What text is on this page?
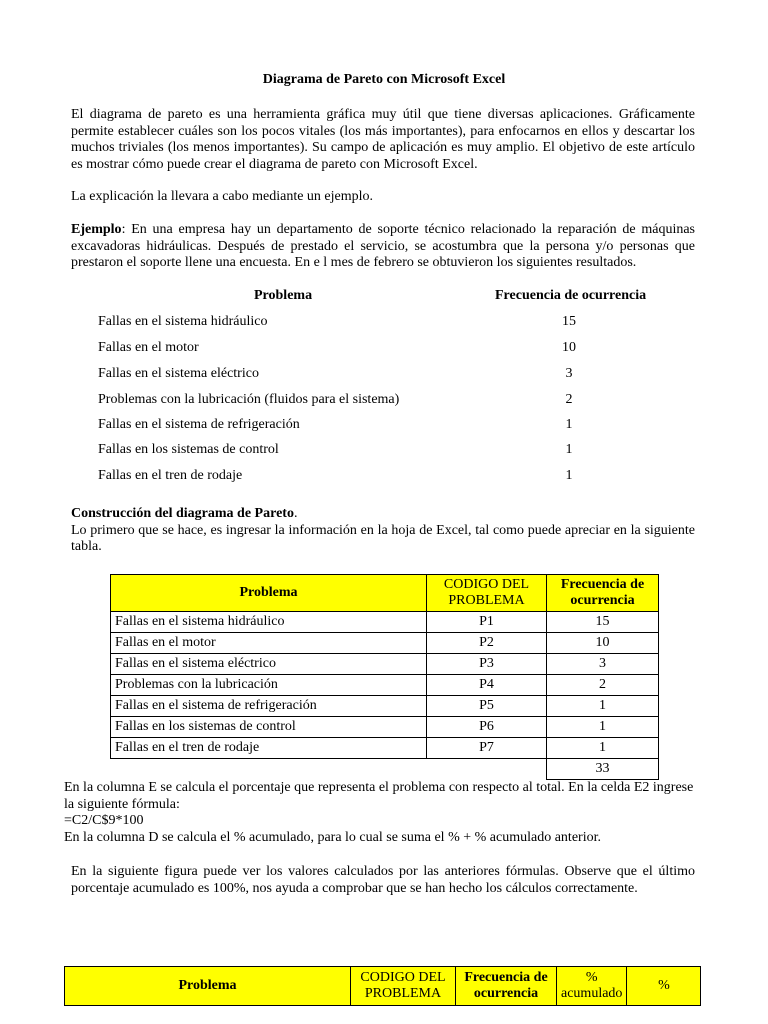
Diagrama de Pareto con Microsoft Excel
El diagrama de pareto es una herramienta gráfica muy útil que tiene diversas aplicaciones. Gráficamente permite establecer cuáles son los pocos vitales (los más importantes), para enfocarnos en ellos y descartar los muchos triviales (los menos importantes). Su campo de aplicación es muy amplio. El objetivo de este artículo es mostrar cómo puede crear el diagrama de pareto con Microsoft Excel.
La explicación la llevara a cabo mediante un ejemplo.
Ejemplo: En una empresa hay un departamento de soporte técnico relacionado la reparación de máquinas excavadoras hidráulicas. Después de prestado el servicio, se acostumbra que la persona y/o personas que prestaron el soporte llene una encuesta. En e l mes de febrero se obtuvieron los siguientes resultados.
Problema	Frecuencia de ocurrencia
Fallas en el sistema hidráulico	15
Fallas en el motor	10
Fallas en el sistema eléctrico	3
Problemas con la lubricación (fluidos para el sistema)	2
Fallas en el sistema de refrigeración	1
Fallas en los sistemas de control	1
Fallas en el tren de rodaje	1
Construcción del diagrama de Pareto.
Lo primero que se hace, es ingresar la información en la hoja de Excel, tal como puede apreciar en la siguiente tabla.
Problema	CODIGO DEL PROBLEMA	Frecuencia de ocurrencia
Fallas en el sistema hidráulico	P1	15
Fallas en el motor	P2	10
Fallas en el sistema eléctrico	P3	3
Problemas con la lubricación	P4	2
Fallas en el sistema de refrigeración	P5	1
Fallas en los sistemas de control	P6	1
Fallas en el tren de rodaje	P7	1
		33
En la columna E se calcula el porcentaje que representa el problema con respecto al total. En la celda E2 ingrese la siguiente fórmula:
=C2/C$9*100
En la columna D se calcula el % acumulado, para lo cual se suma el % + % acumulado anterior.
En la siguiente figura puede ver los valores calculados por las anteriores fórmulas. Observe que el último porcentaje acumulado es 100%, nos ayuda a comprobar que se han hecho los cálculos correctamente.
Problema	CODIGO DEL PROBLEMA	Frecuencia de ocurrencia	% acumulado	%
